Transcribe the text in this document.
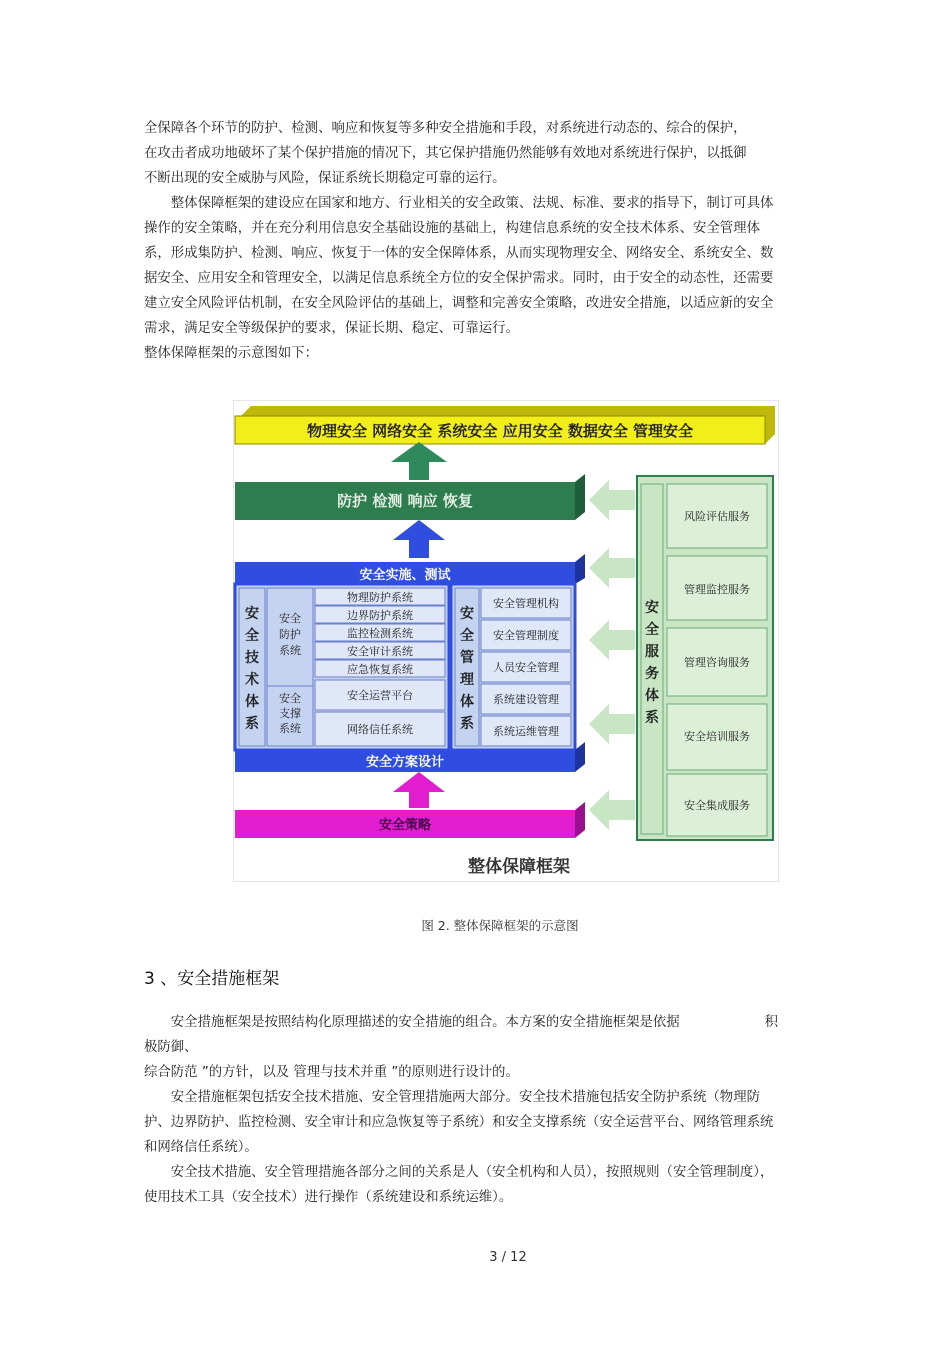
全保障各个环节的防护、检测、响应和恢复等多种安全措施和手段，对系统进行动态的、综合的保护，

在攻击者成功地破坏了某个保护措施的情况下，其它保护措施仍然能够有效地对系统进行保护，以抵御

不断出现的安全威胁与风险，保证系统长期稳定可靠的运行。

整体保障框架的建设应在国家和地方、行业相关的安全政策、法规、标准、要求的指导下，制订可具体操作的安全策略，并在充分利用信息安全基础设施的基础上，构建信息系统的安全技术体系、安全管理体系，形成集防护、检测、响应、恢复于一体的安全保障体系，从而实现物理安全、网络安全、系统安全、数据安全、应用安全和管理安全，以满足信息系统全方位的安全保护需求。同时，由于安全的动态性，还需要建立安全风险评估机制，在安全风险评估的基础上，调整和完善安全策略，改进安全措施，以适应新的安全需求，满足安全等级保护的要求，保证长期、稳定、可靠运行。

整体保障框架的示意图如下：

物理安全 网络安全 系统安全 应用安全 数据安全 管理安全
防护 检测 响应 恢复
安全实施、测试
安
全
技
术
体
系
安全
防护
系统
安全
支撑
系统
物理防护系统
边界防护系统
监控检测系统
安全审计系统
应急恢复系统
安全运营平台
网络信任系统
安
全
管
理
体
系
安全管理机构
安全管理制度
人员安全管理
系统建设管理
系统运维管理
安全方案设计
安全策略
安
全
服
务
体
系
风险评估服务
管理监控服务
管理咨询服务
安全培训服务
安全集成服务
整体保障框架
图 2. 整体保障框架的示意图
3 、安全措施框架

安全措施框架是按照结构化原理描述的安全措施的组合。本方案的安全措施框架是依据	积极防御、

综合防范 ”的方针，以及 管理与技术并重 ”的原则进行设计的。

安全措施框架包括安全技术措施、安全管理措施两大部分。安全技术措施包括安全防护系统（物理防护、边界防护、监控检测、安全审计和应急恢复等子系统）和安全支撑系统（安全运营平台、网络管理系统和网络信任系统）。

安全技术措施、安全管理措施各部分之间的关系是人（安全机构和人员），按照规则（安全管理制度），使用技术工具（安全技术）进行操作（系统建设和系统运维）。

3 / 12
